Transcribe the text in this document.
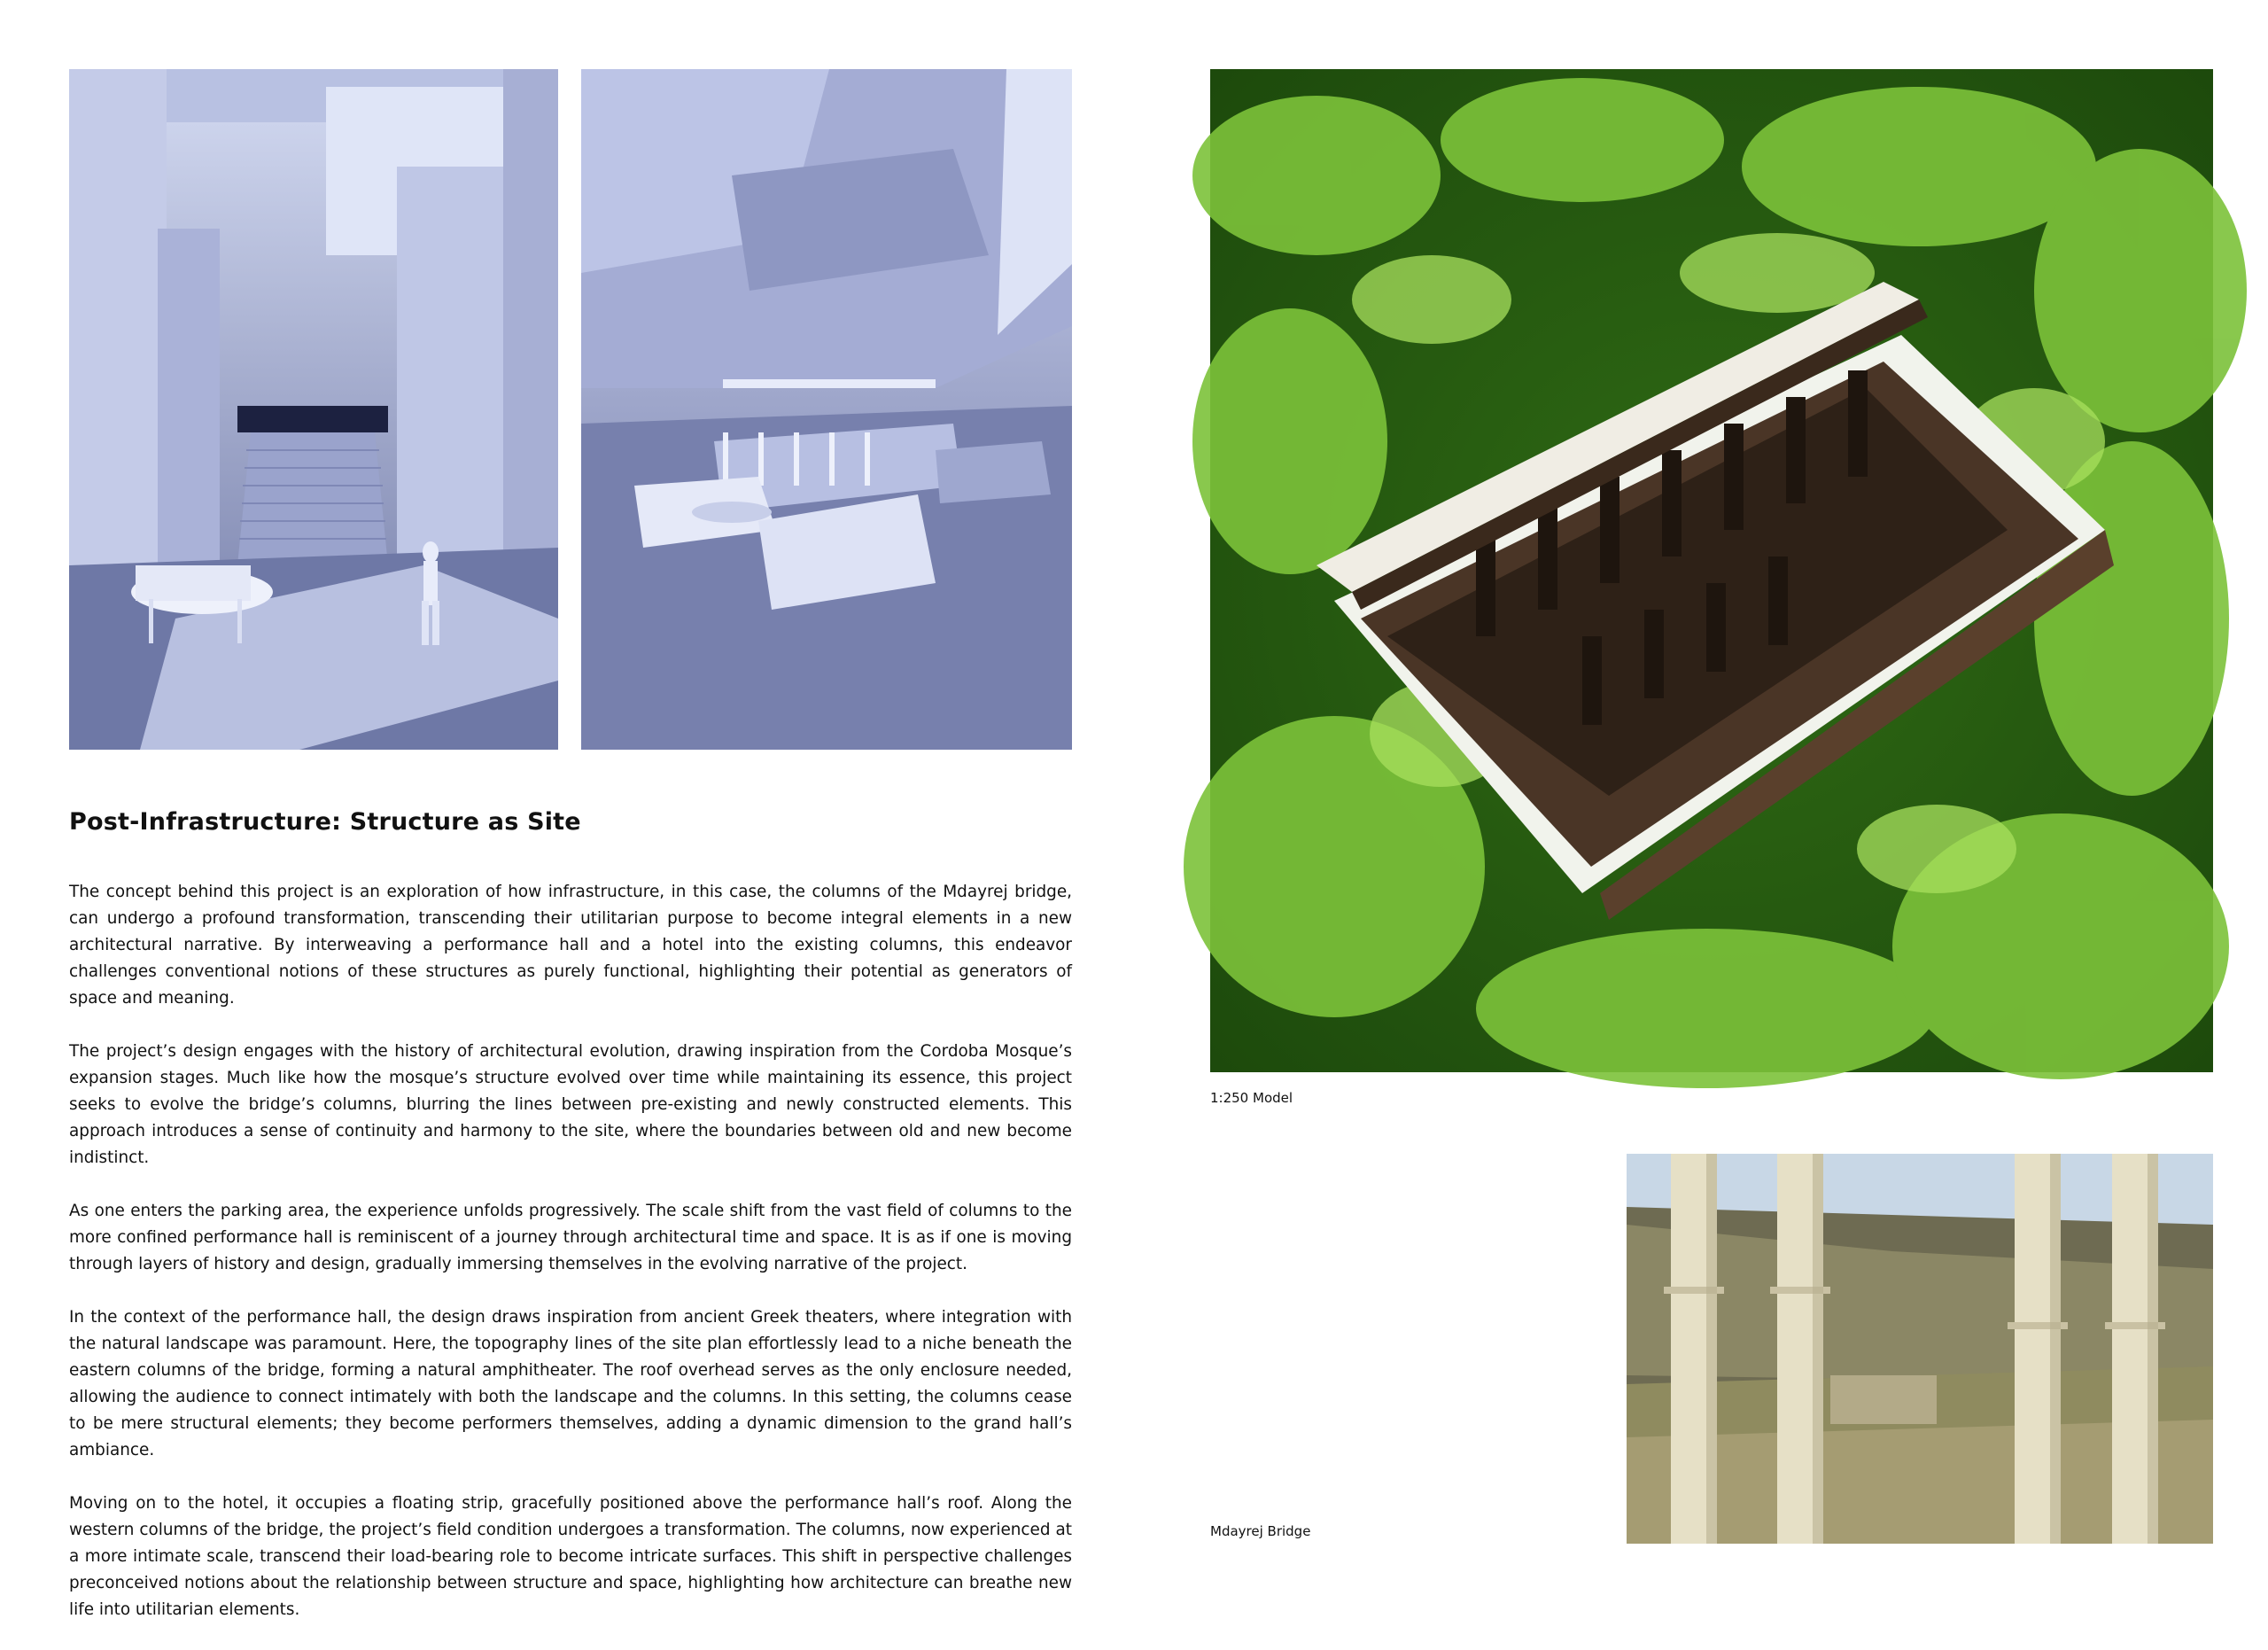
1:250 Model
Mdayrej Bridge
Post-Infrastructure: Structure as Site

The concept behind this project is an exploration of how infrastructure, in this case, the columns of the Mdayrej bridge, can undergo a profound transformation, transcending their utilitarian purpose to become integral elements in a new architectural narrative. By interweaving a performance hall and a hotel into the existing columns, this endeavor challenges conventional notions of these structures as purely functional, highlighting their potential as generators of space and meaning.

The project’s design engages with the history of architectural evolution, drawing inspiration from the Cordoba Mosque’s expansion stages. Much like how the mosque’s structure evolved over time while maintaining its essence, this project seeks to evolve the bridge’s columns, blurring the lines between pre-existing and newly constructed elements. This approach introduces a sense of continuity and harmony to the site, where the boundaries between old and new become indistinct.

As one enters the parking area, the experience unfolds progressively. The scale shift from the vast field of columns to the more confined performance hall is reminiscent of a journey through architectural time and space. It is as if one is moving through layers of history and design, gradually immersing themselves in the evolving narrative of the project.

In the context of the performance hall, the design draws inspiration from ancient Greek theaters, where integration with the natural landscape was paramount. Here, the topography lines of the site plan effortlessly lead to a niche beneath the eastern columns of the bridge, forming a natural amphitheater. The roof overhead serves as the only enclosure needed, allowing the audience to connect intimately with both the landscape and the columns. In this setting, the columns cease to be mere structural elements; they become performers themselves, adding a dynamic dimension to the grand hall’s ambiance.

Moving on to the hotel, it occupies a floating strip, gracefully positioned above the performance hall’s roof. Along the western columns of the bridge, the project’s field condition undergoes a transformation. The columns, now experienced at a more intimate scale, transcend their load-bearing role to become intricate surfaces. This shift in perspective challenges preconceived notions about the relationship between structure and space, highlighting how architecture can breathe new life into utilitarian elements.
